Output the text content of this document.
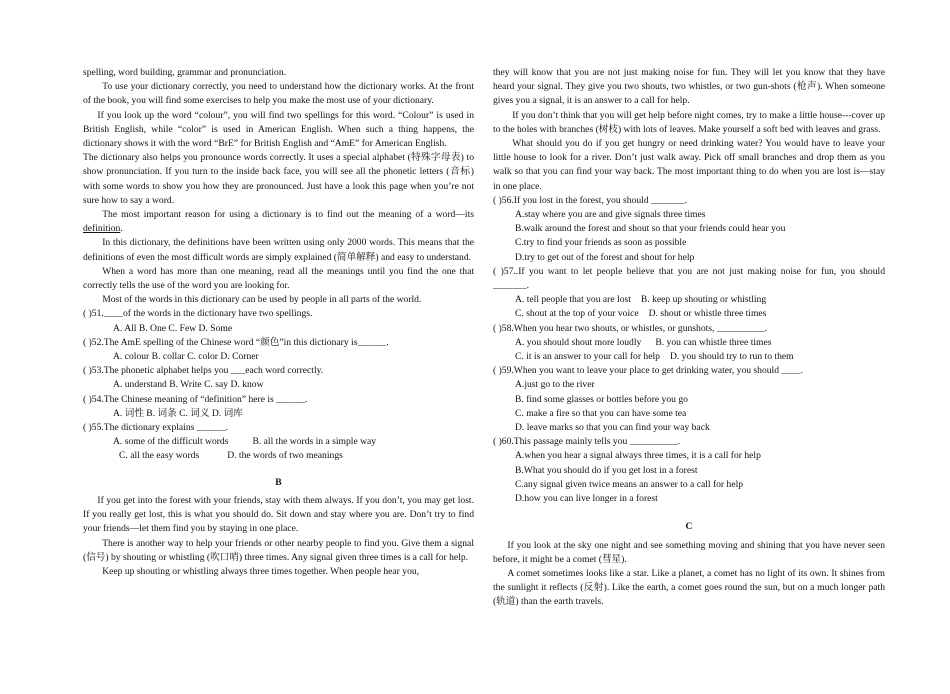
spelling, word building, grammar and pronunciation.

To use your dictionary correctly, you need to understand how the dictionary works. At the front of the book, you will find some exercises to help you make the most use of your dictionary.

If you look up the word “colour”, you will find two spellings for this word. “Colour” is used in British English, while “color” is used in American English. When such a thing happens, the dictionary shows it with the word “BrE” for British English and “AmE” for American English.

The dictionary also helps you pronounce words correctly. It uses a special alphabet (特殊字母表) to show pronunciation. If you turn to the inside back face, you will see all the phonetic letters (音标) with some words to show you how they are pronounced. Just have a look this page when you’re not sure how to say a word.

The most important reason for using a dictionary is to find out the meaning of a word—its definition.

In this dictionary, the definitions have been written using only 2000 words. This means that the definitions of even the most difficult words are simply explained (简单解释) and easy to understand.

When a word has more than one meaning, read all the meanings until you find the one that correctly tells the use of the word you are looking for.

Most of the words in this dictionary can be used by people in all parts of the world.

( )51.____of the words in the dictionary have two spellings.

A. All B. One C. Few D. Some

( )52.The AmE spelling of the Chinese word “颜色”in this dictionary is______.

A. colour B. collar C. color D. Corner

( )53.The phonetic alphabet helps you ___each word correctly.

A. understand B. Write C. say D. know

( )54.The Chinese meaning of “definition” here is ______.

A. 词性 B. 词条 C. 词义 D. 词库

( )55.The dictionary explains ______.

A. some of the difficult words	B. all the words in a simple way

C. all the easy words	D. the words of two meanings

B

If you get into the forest with your friends, stay with them always. If you don’t, you may get lost. If you really get lost, this is what you should do. Sit down and stay where you are. Don’t try to find your friends—let them find you by staying in one place.

There is another way to help your friends or other nearby people to find you. Give them a signal (信号) by shouting or whistling (吹口哨) three times. Any signal given three times is a call for help.

Keep up shouting or whistling always three times together. When people hear you,

they will know that you are not just making noise for fun. They will let you know that they have heard your signal. They give you two shouts, two whistles, or two gun-shots (枪声). When someone gives you a signal, it is an answer to a call for help.

If you don’t think that you will get help before night comes, try to make a little house---cover up to the holes with branches (树枝) with lots of leaves. Make yourself a soft bed with leaves and grass.

What should you do if you get hungry or need drinking water? You would have to leave your little house to look for a river. Don’t just walk away. Pick off small branches and drop them as you walk so that you can find your way back. The most important thing to do when you are lost is—stay in one place.

( )56.If you lost in the forest, you should _______.

A.stay where you are and give signals three times

B.walk around the forest and shout so that your friends could hear you

C.try to find your friends as soon as possible

D.try to get out of the forest and shout for help

( )57..If you want to let people believe that you are not just making noise for fun, you should _______.

A. tell people that you are lost B. keep up shouting or whistling

C. shout at the top of your voice D. shout or whistle three times

( )58.When you hear two shouts, or whistles, or gunshots, __________.

A. you should shout more loudly B. you can whistle three times

C. it is an answer to your call for help D. you should try to run to them

( )59.When you want to leave your place to get drinking water, you should ____.

A.just go to the river

B. find some glasses or bottles before you go

C. make a fire so that you can have some tea

D. leave marks so that you can find your way back

( )60.This passage mainly tells you __________.

A.when you hear a signal always three times, it is a call for help

B.What you should do if you get lost in a forest

C.any signal given twice means an answer to a call for help

D.how you can live longer in a forest

C

If you look at the sky one night and see something moving and shining that you have never seen before, it might be a comet (彗星).

A comet sometimes looks like a star. Like a planet, a comet has no light of its own. It shines from the sunlight it reflects (反射). Like the earth, a comet goes round the sun, but on a much longer path (轨道) than the earth travels.
